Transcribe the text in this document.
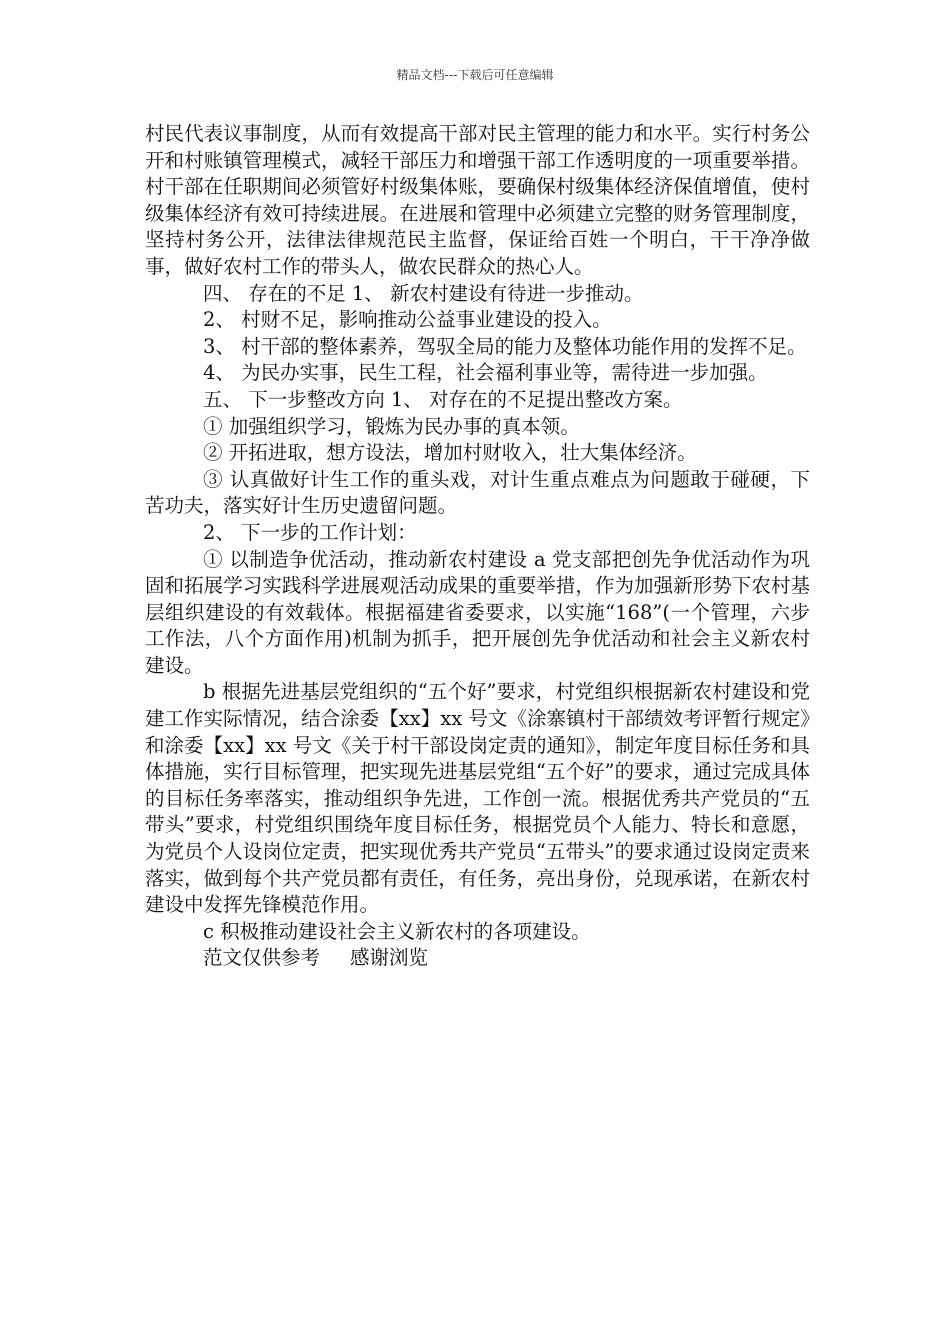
精品文档---下载后可任意编辑

村民代表议事制度，从而有效提高干部对民主管理的能力和水平。实行村务公开和村账镇管理模式，减轻干部压力和增强干部工作透明度的一项重要举措。村干部在任职期间必须管好村级集体账，要确保村级集体经济保值增值，使村级集体经济有效可持续进展。在进展和管理中必须建立完整的财务管理制度，坚持村务公开，法律法律规范民主监督，保证给百姓一个明白，干干净净做事，做好农村工作的带头人，做农民群众的热心人。

四、 存在的不足 1、 新农村建设有待进一步推动。

2、 村财不足，影响推动公益事业建设的投入。

3、 村干部的整体素养，驾驭全局的能力及整体功能作用的发挥不足。

4、 为民办实事，民生工程，社会福利事业等，需待进一步加强。

五、 下一步整改方向 1、 对存在的不足提出整改方案。

① 加强组织学习，锻炼为民办事的真本领。

② 开拓进取，想方设法，增加村财收入，壮大集体经济。

③ 认真做好计生工作的重头戏，对计生重点难点为问题敢于碰硬，下苦功夫，落实好计生历史遗留问题。

2、 下一步的工作计划：

① 以制造争优活动，推动新农村建设 a 党支部把创先争优活动作为巩固和拓展学习实践科学进展观活动成果的重要举措，作为加强新形势下农村基层组织建设的有效载体。根据福建省委要求，以实施“168”(一个管理，六步工作法，八个方面作用)机制为抓手，把开展创先争优活动和社会主义新农村建设。

b 根据先进基层党组织的“五个好”要求，村党组织根据新农村建设和党建工作实际情况，结合涂委【xx】xx 号文《涂寨镇村干部绩效考评暂行规定》和涂委【xx】xx 号文《关于村干部设岗定责的通知》，制定年度目标任务和具体措施，实行目标管理，把实现先进基层党组“五个好”的要求，通过完成具体的目标任务率落实，推动组织争先进，工作创一流。根据优秀共产党员的“五带头”要求，村党组织围绕年度目标任务，根据党员个人能力、特长和意愿，为党员个人设岗位定责，把实现优秀共产党员“五带头”的要求通过设岗定责来落实，做到每个共产党员都有责任，有任务，亮出身份，兑现承诺，在新农村建设中发挥先锋模范作用。

c 积极推动建设社会主义新农村的各项建设。

范文仅供参考 感谢浏览
